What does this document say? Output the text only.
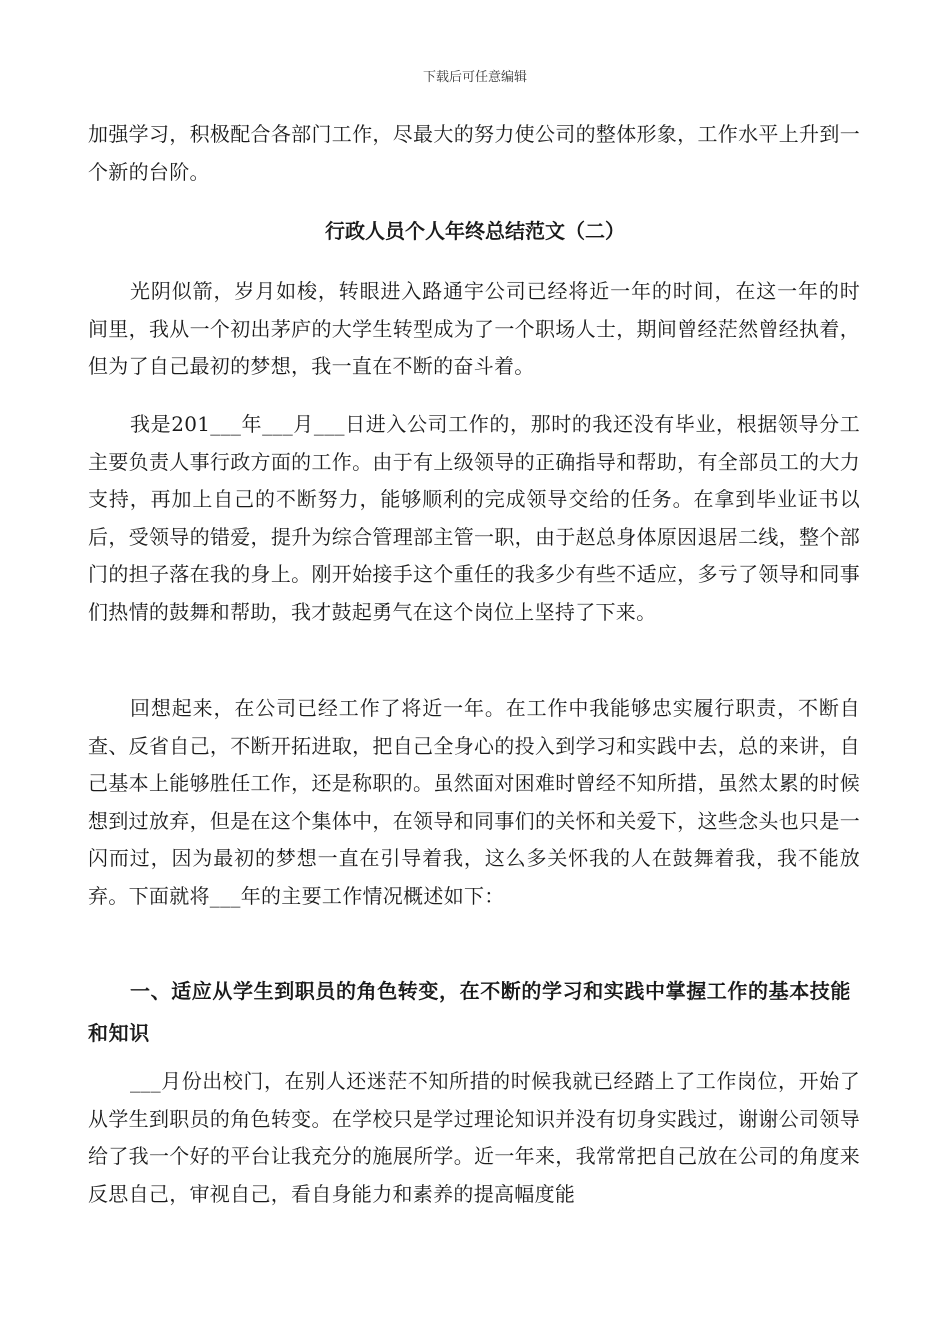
下载后可任意编辑

加强学习，积极配合各部门工作，尽最大的努力使公司的整体形象，工作水平上升到一个新的台阶。

行政人员个人年终总结范文（二）

光阴似箭，岁月如梭，转眼进入路通宇公司已经将近一年的时间，在这一年的时间里，我从一个初出茅庐的大学生转型成为了一个职场人士，期间曾经茫然曾经执着，但为了自己最初的梦想，我一直在不断的奋斗着。

我是201___年___月___日进入公司工作的，那时的我还没有毕业，根据领导分工主要负责人事行政方面的工作。由于有上级领导的正确指导和帮助，有全部员工的大力支持，再加上自己的不断努力，能够顺利的完成领导交给的任务。在拿到毕业证书以后，受领导的错爱，提升为综合管理部主管一职，由于赵总身体原因退居二线，整个部门的担子落在我的身上。刚开始接手这个重任的我多少有些不适应，多亏了领导和同事们热情的鼓舞和帮助，我才鼓起勇气在这个岗位上坚持了下来。

回想起来，在公司已经工作了将近一年。在工作中我能够忠实履行职责，不断自查、反省自己，不断开拓进取，把自己全身心的投入到学习和实践中去，总的来讲，自己基本上能够胜任工作，还是称职的。虽然面对困难时曾经不知所措，虽然太累的时候想到过放弃，但是在这个集体中，在领导和同事们的关怀和关爱下，这些念头也只是一闪而过，因为最初的梦想一直在引导着我，这么多关怀我的人在鼓舞着我，我不能放弃。下面就将___年的主要工作情况概述如下：

一、适应从学生到职员的角色转变，在不断的学习和实践中掌握工作的基本技能和知识

___月份出校门，在别人还迷茫不知所措的时候我就已经踏上了工作岗位，开始了从学生到职员的角色转变。在学校只是学过理论知识并没有切身实践过，谢谢公司领导给了我一个好的平台让我充分的施展所学。近一年来，我常常把自己放在公司的角度来反思自己，审视自己，看自身能力和素养的提高幅度能
